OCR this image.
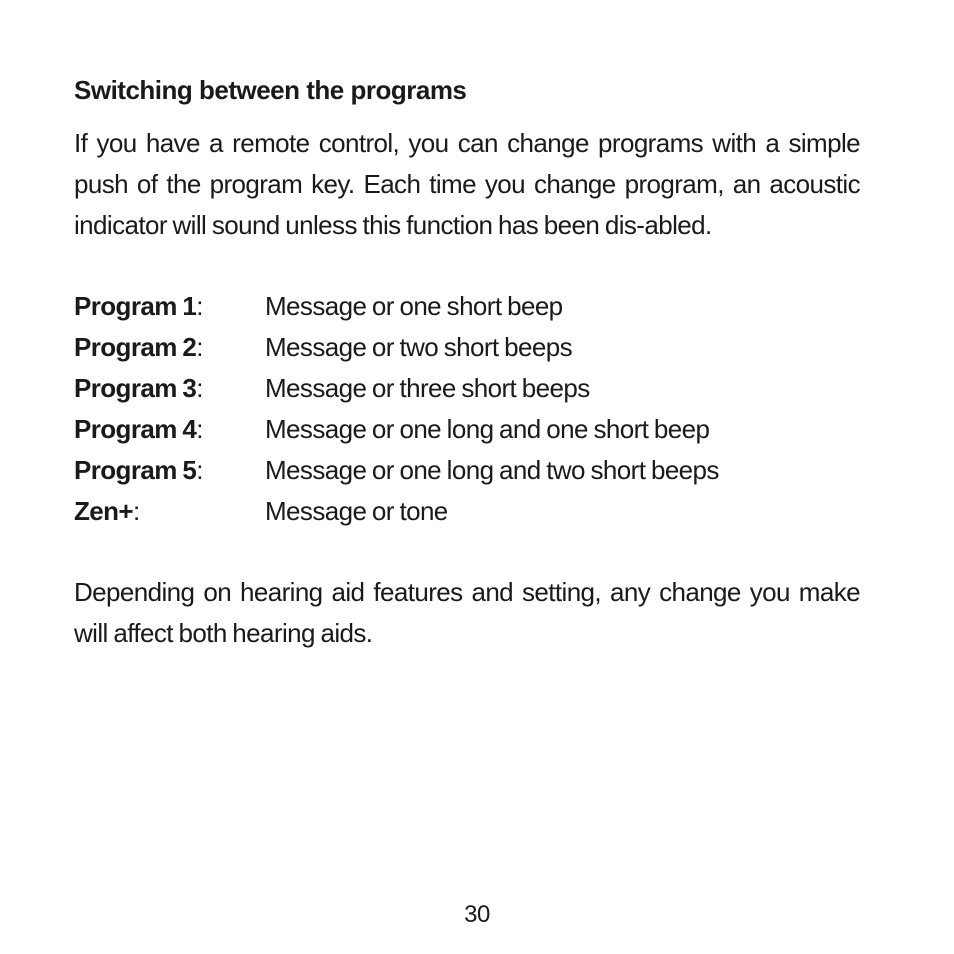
Switching between the programs

If you have a remote control, you can change programs with a simple push of the program key. Each time you change program, an acoustic indicator will sound unless this function has been dis-abled.

Program 1:	Message or one short beep
Program 2:	Message or two short beeps
Program 3:	Message or three short beeps
Program 4:	Message or one long and one short beep
Program 5:	Message or one long and two short beeps
Zen+:	Message or tone

Depending on hearing aid features and setting, any change you make will affect both hearing aids.

30
